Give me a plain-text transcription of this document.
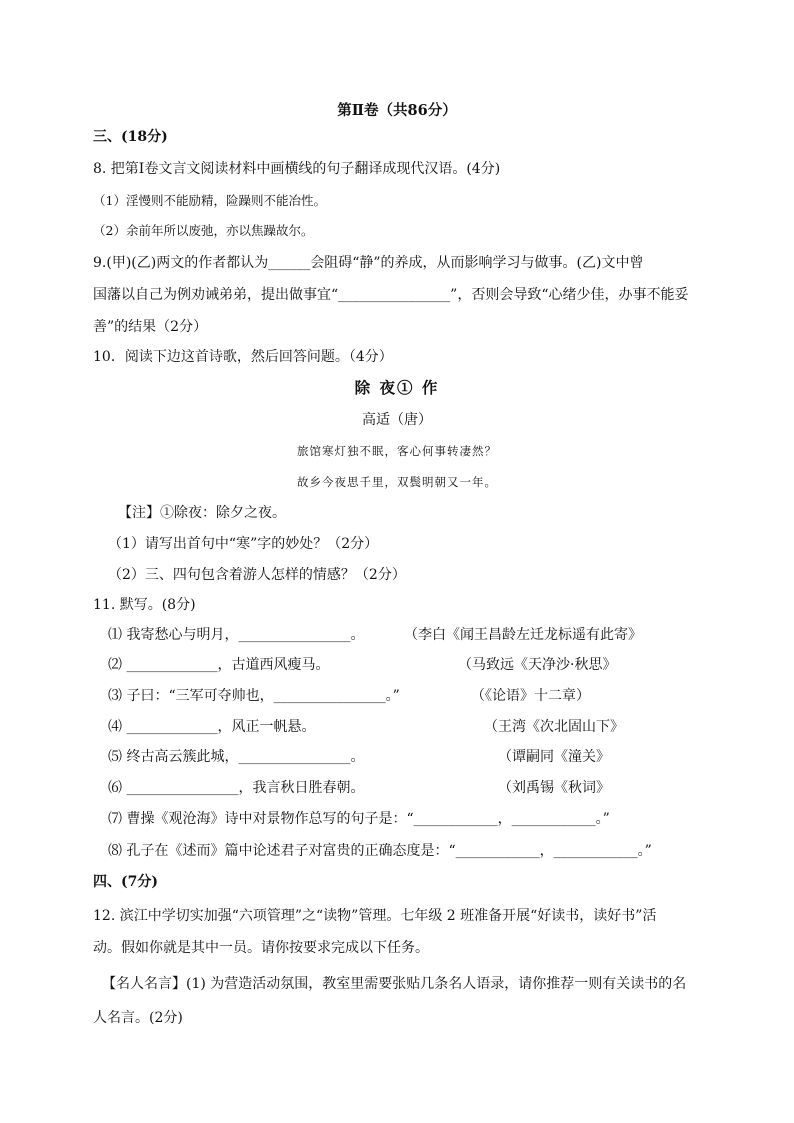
第Ⅱ卷（共86分）
三、(18分)
8. 把第Ⅰ卷文言文阅读材料中画横线的句子翻译成现代汉语。(4分)
（1）淫慢则不能励精，险躁则不能冶性。
（2）余前年所以废弛，亦以焦躁故尔。
9.(甲)(乙)两文的作者都认为______会阻碍“静”的养成，从而影响学习与做事。(乙)文中曾
国藩以自己为例劝诫弟弟，提出做事宜“________________”，否则会导致“心绪少佳，办事不能妥
善”的结果（2分）
10．阅读下边这首诗歌，然后回答问题。（4分）
除 夜① 作
高适（唐）
旅馆寒灯独不眠，客心何事转凄然？
故乡今夜思千里，双鬓明朝又一年。
【注】①除夜：除夕之夜。
（1）请写出首句中“寒”字的妙处？（2分）
（2）三、四句包含着游人怎样的情感？（2分）
11. 默写。(8分)
⑴ 我寄愁心与明月，________________。	（李白《闻王昌龄左迁龙标遥有此寄》
⑵ _____________，古道西风瘦马。	（马致远《天净沙·秋思》
⑶ 子曰：“三军可夺帅也，________________。”	（《论语》十二章）
⑷ _____________，风正一帆悬。	（王湾《次北固山下》
⑸ 终古高云簇此城，________________。	（谭嗣同《潼关》
⑹ ________________，我言秋日胜春朝。	（刘禹锡《秋词》
⑺ 曹操《观沧海》诗中对景物作总写的句子是：“____________，____________。”
⑻ 孔子在《述而》篇中论述君子对富贵的正确态度是：“____________，____________。”
四、(7分)
12. 滨江中学切实加强“六项管理”之“读物”管理。七年级 2 班准备开展“好读书，读好书”活
动。假如你就是其中一员。请你按要求完成以下任务。
【名人名言】(1) 为营造活动氛围，教室里需要张贴几条名人语录，请你推荐一则有关读书的名
人名言。(2分)
